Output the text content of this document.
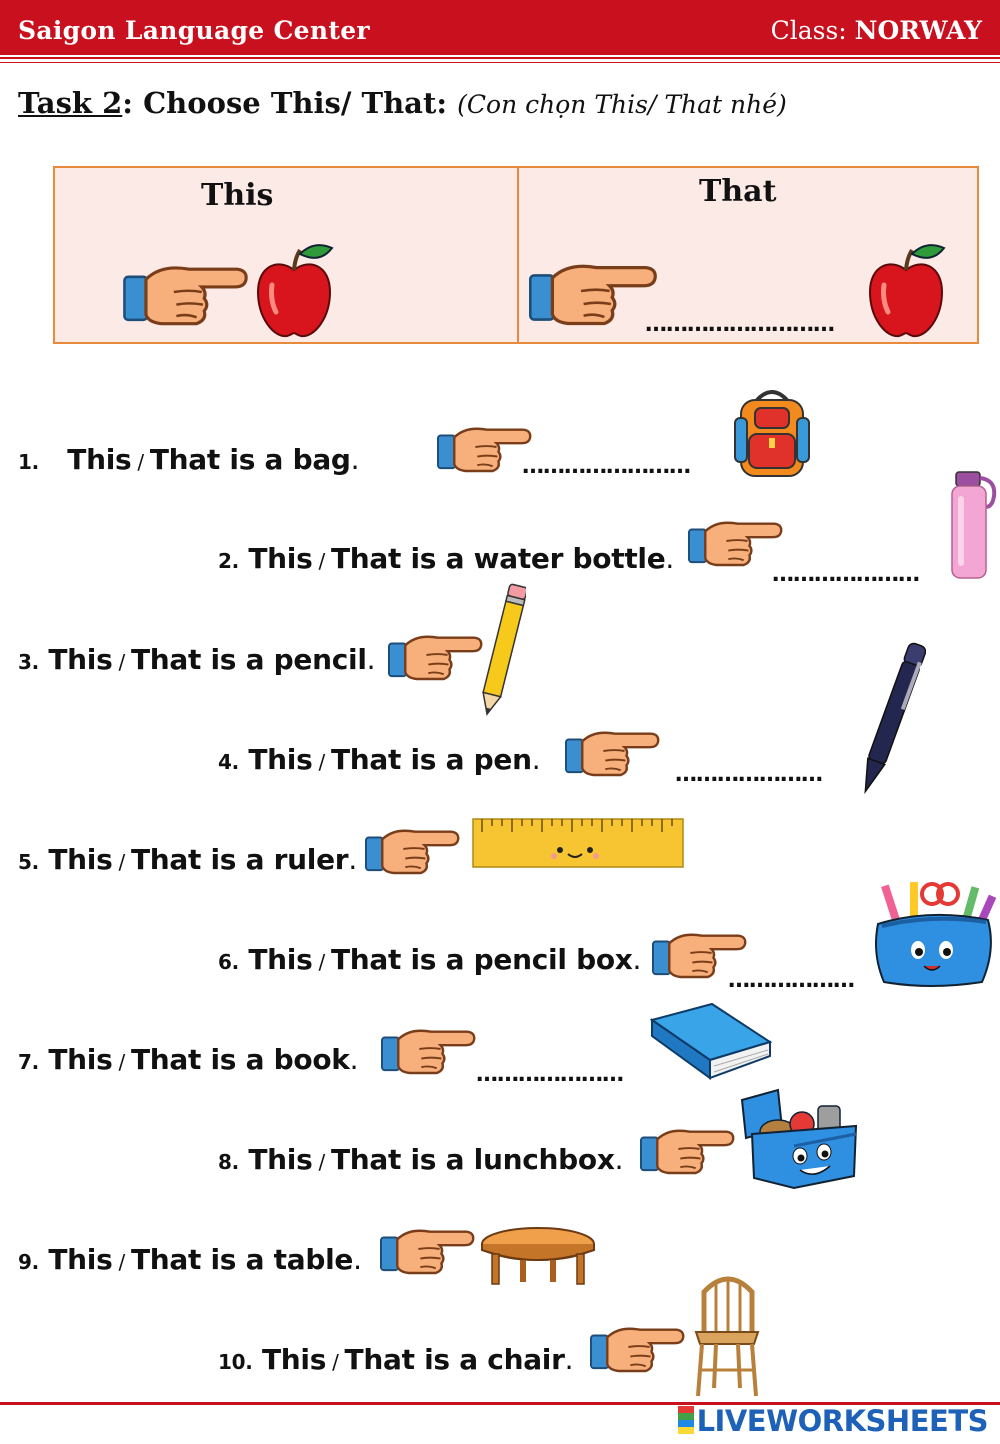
Saigon Language Center	Class: NORWAY
Task 2: Choose This/ That: (Con chọn This/ That nhé)
This	That
………………………
1. This / That is a bag.	……………………
2. This / That is a water bottle.	…………………
3. This / That is a pencil.
4. This / That is a pen.	…………………
5. This / That is a ruler.
6. This / That is a pencil box.
………………
7. This / That is a book.	…………………
8. This / That is a lunchbox.
9. This / That is a table.
10. This / That is a chair.
LIVEWORKSHEETS
